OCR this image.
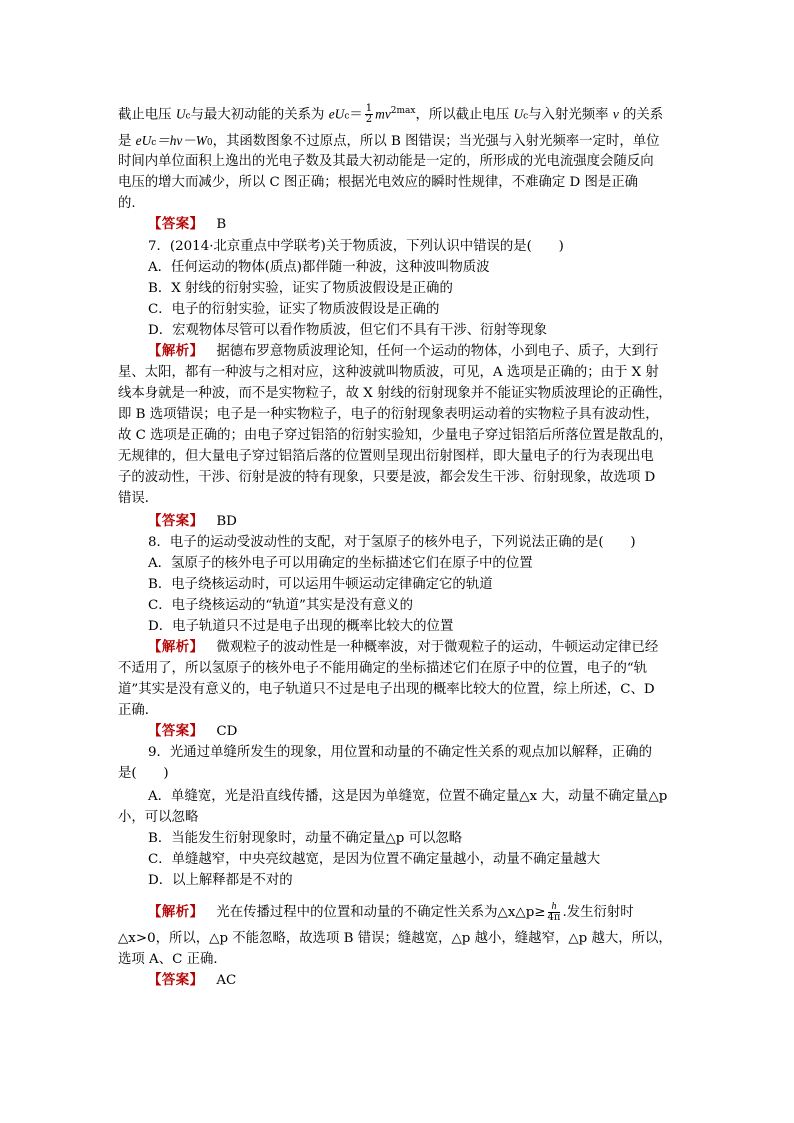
截止电压 Uc与最大初动能的关系为 $eUc= \frac{1}{2} mv^{2max}$，所以截止电压 Uc与入射光频率 ν 的关系
是 eUc＝hν－W0，其函数图象不过原点，所以 B 图错误；当光强与入射光频率一定时，单位
时间内单位面积上逸出的光电子数及其最大初动能是一定的，所形成的光电流强度会随反向
电压的增大而减少，所以 C 图正确；根据光电效应的瞬时性规律，不难确定 D 图是正确
的.
【答案】 B
7．(2014·北京重点中学联考)关于物质波，下列认识中错误的是(　　)
A．任何运动的物体(质点)都伴随一种波，这种波叫物质波
B．X 射线的衍射实验，证实了物质波假设是正确的
C．电子的衍射实验，证实了物质波假设是正确的
D．宏观物体尽管可以看作物质波，但它们不具有干涉、衍射等现象
【解析】 据德布罗意物质波理论知，任何一个运动的物体，小到电子、质子，大到行
星、太阳，都有一种波与之相对应，这种波就叫物质波，可见，A 选项是正确的；由于 X 射
线本身就是一种波，而不是实物粒子，故 X 射线的衍射现象并不能证实物质波理论的正确性，
即 B 选项错误；电子是一种实物粒子，电子的衍射现象表明运动着的实物粒子具有波动性，
故 C 选项是正确的；由电子穿过铝箔的衍射实验知，少量电子穿过铝箔后所落位置是散乱的，
无规律的，但大量电子穿过铝箔后落的位置则呈现出衍射图样，即大量电子的行为表现出电
子的波动性，干涉、衍射是波的特有现象，只要是波，都会发生干涉、衍射现象，故选项 D
错误．
【答案】 BD
8．电子的运动受波动性的支配，对于氢原子的核外电子，下列说法正确的是(　　)
A．氢原子的核外电子可以用确定的坐标描述它们在原子中的位置
B．电子绕核运动时，可以运用牛顿运动定律确定它的轨道
C．电子绕核运动的“轨道”其实是没有意义的
D．电子轨道只不过是电子出现的概率比较大的位置
【解析】 微观粒子的波动性是一种概率波，对于微观粒子的运动，牛顿运动定律已经
不适用了，所以氢原子的核外电子不能用确定的坐标描述它们在原子中的位置，电子的“轨
道”其实是没有意义的，电子轨道只不过是电子出现的概率比较大的位置，综上所述，C、D
正确．
【答案】 CD
9．光通过单缝所发生的现象，用位置和动量的不确定性关系的观点加以解释，正确的
是(　　)
A．单缝宽，光是沿直线传播，这是因为单缝宽，位置不确定量△x 大，动量不确定量△p
小，可以忽略
B．当能发生衍射现象时，动量不确定量△p 可以忽略
C．单缝越窄，中央亮纹越宽，是因为位置不确定量越小，动量不确定量越大
D．以上解释都是不对的
【解析】 光在传播过程中的位置和动量的不确定性关系为△x△p≥ $\frac{h}{4\pi}$ .发生衍射时
△x>0，所以，△p 不能忽略，故选项 B 错误；缝越宽，△p 越小，缝越窄，△p 越大，所以，
选项 A、C 正确．
【答案】 AC
